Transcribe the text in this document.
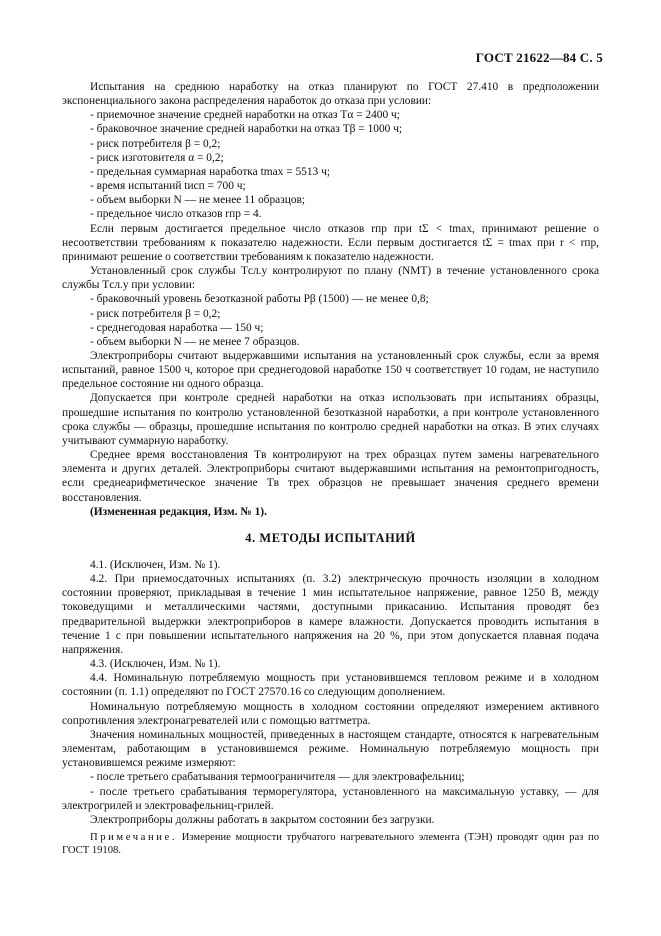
ГОСТ 21622—84 С. 5

Испытания на среднюю наработку на отказ планируют по ГОСТ 27.410 в предположении экспоненциального закона распределения наработок до отказа при условии:

- приемочное значение средней наработки на отказ Tα = 2400 ч;

- браковочное значение средней наработки на отказ Tβ = 1000 ч;

- риск потребителя β = 0,2;

- риск изготовителя α = 0,2;

- предельная суммарная наработка tmax = 5513 ч;

- время испытаний tисп = 700 ч;

- объем выборки N — не менее 11 образцов;

- предельное число отказов rпр = 4.

Если первым достигается предельное число отказов rпр при tΣ < tmax, принимают решение о несоответствии требованиям к показателю надежности. Если первым достигается tΣ = tmax при r < rпр, принимают решение о соответствии требованиям к показателю надежности.

Установленный срок службы Tсл.у контролируют по плану (NMT) в течение установленного срока службы Tсл.у при условии:

- браковочный уровень безотказной работы Pβ (1500) — не менее 0,8;

- риск потребителя β = 0,2;

- среднегодовая наработка — 150 ч;

- объем выборки N — не менее 7 образцов.

Электроприборы считают выдержавшими испытания на установленный срок службы, если за время испытаний, равное 1500 ч, которое при среднегодовой наработке 150 ч соответствует 10 годам, не наступило предельное состояние ни одного образца.

Допускается при контроле средней наработки на отказ использовать при испытаниях образцы, прошедшие испытания по контролю установленной безотказной наработки, а при контроле установленного срока службы — образцы, прошедшие испытания по контролю средней наработки на отказ. В этих случаях учитывают суммарную наработку.

Среднее время восстановления Tв контролируют на трех образцах путем замены нагревательного элемента и других деталей. Электроприборы считают выдержавшими испытания на ремонтопригодность, если среднеарифметическое значение Tв трех образцов не превышает значения среднего времени восстановления.

(Измененная редакция, Изм. № 1).

4. МЕТОДЫ ИСПЫТАНИЙ

4.1. (Исключен, Изм. № 1).

4.2. При приемосдаточных испытаниях (п. 3.2) электрическую прочность изоляции в холодном состоянии проверяют, прикладывая в течение 1 мин испытательное напряжение, равное 1250 В, между токоведущими и металлическими частями, доступными прикасанию. Испытания проводят без предварительной выдержки электроприборов в камере влажности. Допускается проводить испытания в течение 1 с при повышении испытательного напряжения на 20 %, при этом допускается плавная подача напряжения.

4.3. (Исключен, Изм. № 1).

4.4. Номинальную потребляемую мощность при установившемся тепловом режиме и в холодном состоянии (п. 1.1) определяют по ГОСТ 27570.16 со следующим дополнением.

Номинальную потребляемую мощность в холодном состоянии определяют измерением активного сопротивления электронагревателей или с помощью ваттметра.

Значения номинальных мощностей, приведенных в настоящем стандарте, относятся к нагревательным элементам, работающим в установившемся режиме. Номинальную потребляемую мощность при установившемся режиме измеряют:

- после третьего срабатывания термоограничителя — для электровафельниц;

- после третьего срабатывания терморегулятора, установленного на максимальную уставку, — для электрогрилей и электровафельниц-грилей.

Электроприборы должны работать в закрытом состоянии без загрузки.

Примечание. Измерение мощности трубчатого нагревательного элемента (ТЭН) проводят один раз по ГОСТ 19108.
